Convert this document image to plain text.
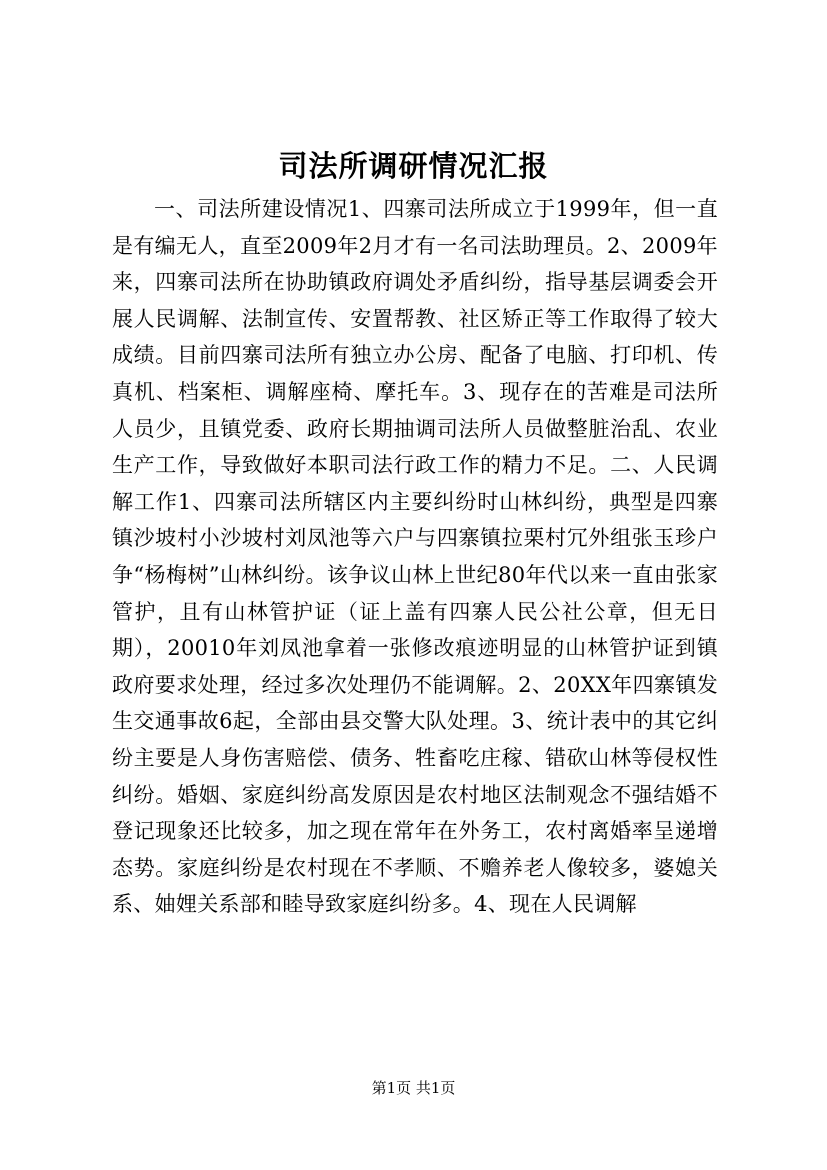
司法所调研情况汇报

一、司法所建设情况1、四寨司法所成立于1999年，但一直是有编无人，直至2009年2月才有一名司法助理员。2、2009年来，四寨司法所在协助镇政府调处矛盾纠纷，指导基层调委会开展人民调解、法制宣传、安置帮教、社区矫正等工作取得了较大成绩。目前四寨司法所有独立办公房、配备了电脑、打印机、传真机、档案柜、调解座椅、摩托车。3、现存在的苦难是司法所人员少，且镇党委、政府长期抽调司法所人员做整脏治乱、农业生产工作，导致做好本职司法行政工作的精力不足。二、人民调解工作1、四寨司法所辖区内主要纠纷时山林纠纷，典型是四寨镇沙坡村小沙坡村刘凤池等六户与四寨镇拉栗村冗外组张玉珍户争“杨梅树”山林纠纷。该争议山林上世纪80年代以来一直由张家管护，且有山林管护证（证上盖有四寨人民公社公章，但无日期），20010年刘凤池拿着一张修改痕迹明显的山林管护证到镇政府要求处理，经过多次处理仍不能调解。2、20XX年四寨镇发生交通事故6起，全部由县交警大队处理。3、统计表中的其它纠纷主要是人身伤害赔偿、债务、牲畜吃庄稼、错砍山林等侵权性纠纷。婚姻、家庭纠纷高发原因是农村地区法制观念不强结婚不登记现象还比较多，加之现在常年在外务工，农村离婚率呈递增态势。家庭纠纷是农村现在不孝顺、不赡养老人像较多，婆媳关系、妯娌关系部和睦导致家庭纠纷多。4、现在人民调解

第1页 共1页
